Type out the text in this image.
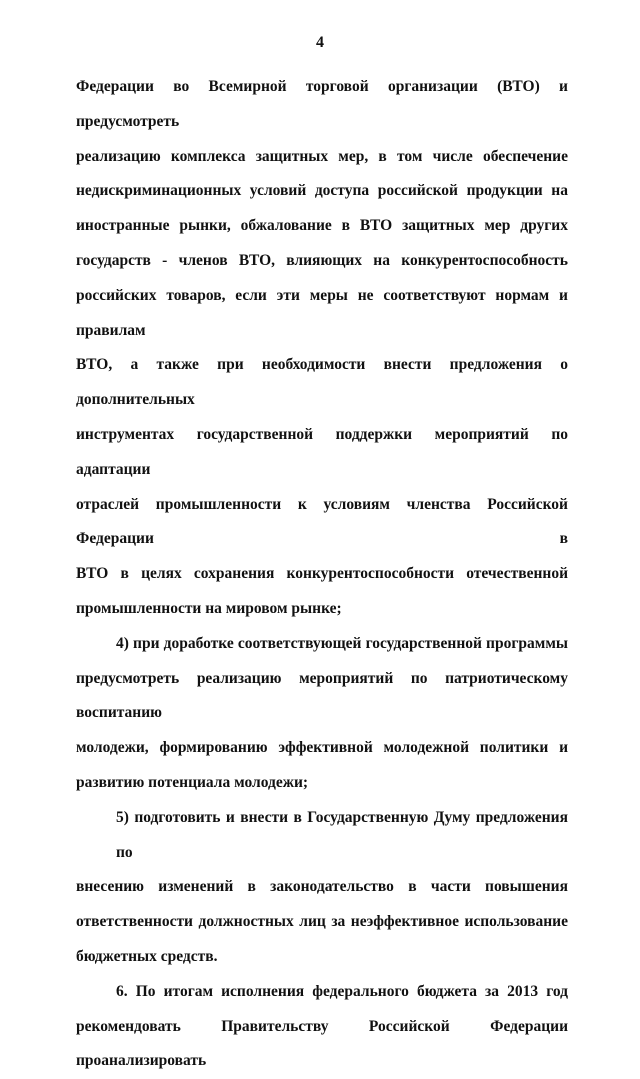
4

Федерации во Всемирной торговой организации (ВТО) и предусмотреть
реализацию комплекса защитных мер, в том числе обеспечение
недискриминационных условий доступа российской продукции на
иностранные рынки, обжалование в ВТО защитных мер других
государств - членов ВТО, влияющих на конкурентоспособность
российских товаров, если эти меры не соответствуют нормам и правилам
ВТО, а также при необходимости внести предложения о дополнительных
инструментах государственной поддержки мероприятий по адаптации
отраслей промышленности к условиям членства Российской Федерации в
ВТО в целях сохранения конкурентоспособности отечественной
промышленности на мировом рынке;

4) при доработке соответствующей государственной программы
предусмотреть реализацию мероприятий по патриотическому воспитанию
молодежи, формированию эффективной молодежной политики и
развитию потенциала молодежи;

5) подготовить и внести в Государственную Думу предложения по
внесению изменений в законодательство в части повышения
ответственности должностных лиц за неэффективное использование
бюджетных средств.

6. По итогам исполнения федерального бюджета за 2013 год
рекомендовать Правительству Российской Федерации проанализировать
